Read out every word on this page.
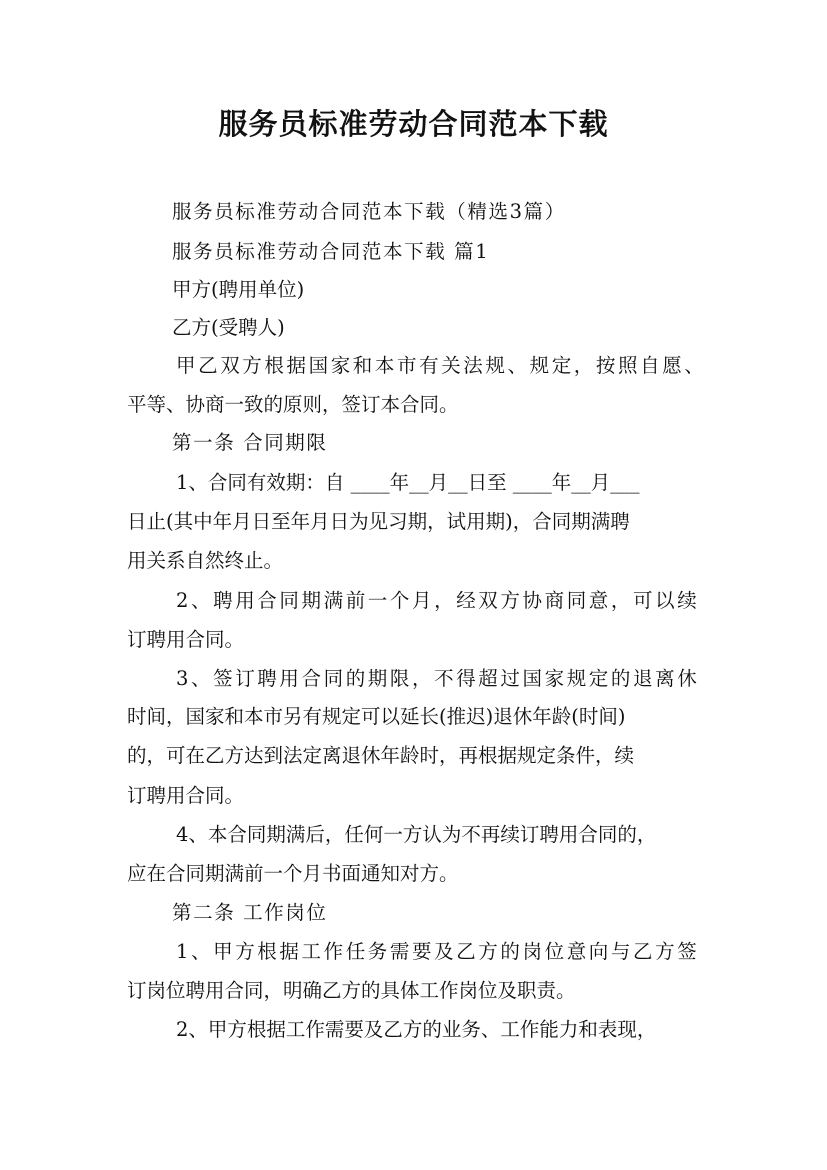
服务员标准劳动合同范本下载
服务员标准劳动合同范本下载（精选3篇）
服务员标准劳动合同范本下载 篇1
甲方(聘用单位)
乙方(受聘人)
甲乙双方根据国家和本市有关法规、规定，按照自愿、
平等、协商一致的原则，签订本合同。
第一条 合同期限
1、合同有效期：自 ____年__月__日至 ____年__月___
日止(其中年月日至年月日为见习期，试用期)，合同期满聘
用关系自然终止。
2、聘用合同期满前一个月，经双方协商同意，可以续
订聘用合同。
3、签订聘用合同的期限，不得超过国家规定的退离休
时间，国家和本市另有规定可以延长(推迟)退休年龄(时间)
的，可在乙方达到法定离退休年龄时，再根据规定条件，续
订聘用合同。
4、本合同期满后，任何一方认为不再续订聘用合同的，
应在合同期满前一个月书面通知对方。
第二条 工作岗位
1、甲方根据工作任务需要及乙方的岗位意向与乙方签
订岗位聘用合同，明确乙方的具体工作岗位及职责。
2、甲方根据工作需要及乙方的业务、工作能力和表现，
